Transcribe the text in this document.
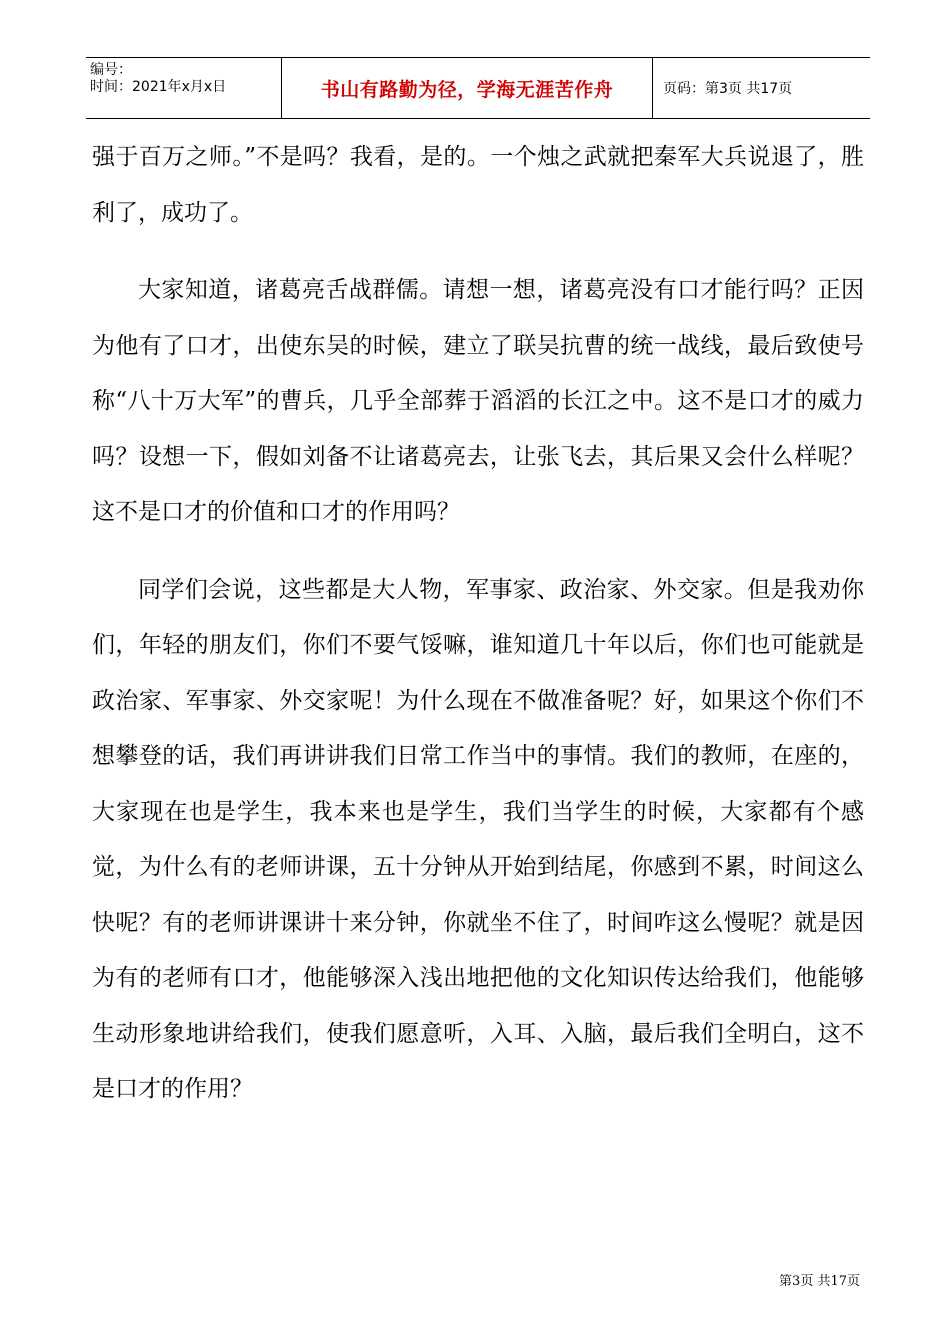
编号：
时间：2021年x月x日	书山有路勤为径，学海无涯苦作舟	页码：第3页 共17页

强于百万之师。”不是吗？我看，是的。一个烛之武就把秦军大兵说退了，胜利了，成功了。

大家知道，诸葛亮舌战群儒。请想一想，诸葛亮没有口才能行吗？正因为他有了口才，出使东吴的时候，建立了联吴抗曹的统一战线，最后致使号称“八十万大军”的曹兵，几乎全部葬于滔滔的长江之中。这不是口才的威力吗？设想一下，假如刘备不让诸葛亮去，让张飞去，其后果又会什么样呢？这不是口才的价值和口才的作用吗？

同学们会说，这些都是大人物，军事家、政治家、外交家。但是我劝你们，年轻的朋友们，你们不要气馁嘛，谁知道几十年以后，你们也可能就是政治家、军事家、外交家呢！为什么现在不做准备呢？好，如果这个你们不想攀登的话，我们再讲讲我们日常工作当中的事情。我们的教师，在座的，大家现在也是学生，我本来也是学生，我们当学生的时候，大家都有个感觉，为什么有的老师讲课，五十分钟从开始到结尾，你感到不累，时间这么快呢？有的老师讲课讲十来分钟，你就坐不住了，时间咋这么慢呢？就是因为有的老师有口才，他能够深入浅出地把他的文化知识传达给我们，他能够生动形象地讲给我们，使我们愿意听，入耳、入脑，最后我们全明白，这不是口才的作用？

第3页 共17页
